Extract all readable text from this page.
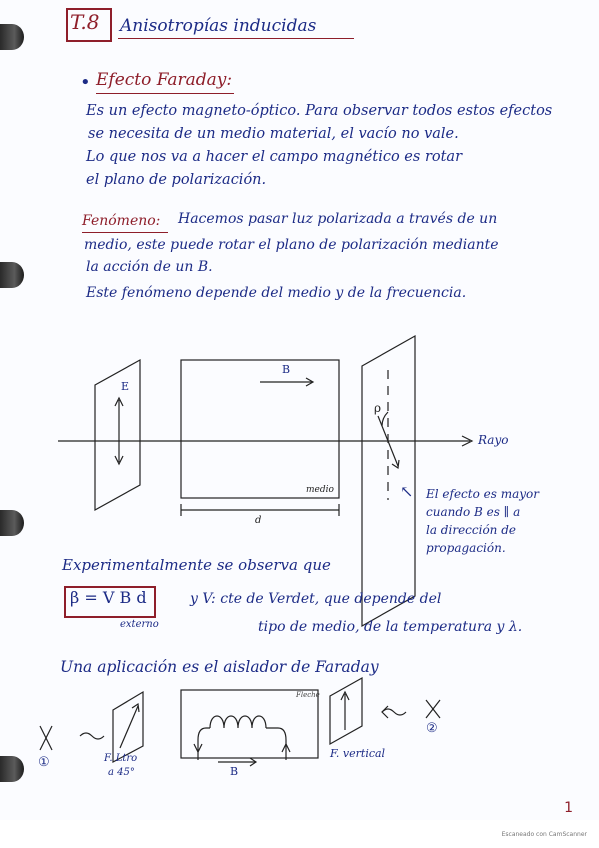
T.8 Anisotropías inducidas
• Efecto Faraday:
Es un efecto magneto-óptico. Para observar todos estos efectos
se necesita de un medio material, el vacío no vale.
Lo que nos va a hacer el campo magnético es rotar
el plano de polarización.
Fenómeno: Hacemos pasar luz polarizada a través de un
medio, este puede rotar el plano de polarización mediante
la acción de un B.
Este fenómeno depende del medio y de la frecuencia.
E
B
ρ
medio
Rayo
d
↖ El efecto es mayor
cuando B es ∥ a
la dirección de
propagación.
Experimentalmente se observa que
β = V B d
externo
y V: cte de Verdet, que depende del
tipo de medio, de la temperatura y λ.
Una aplicación es el aislador de Faraday
F. Ltro
a 45°	B
Fleche
F. vertical
①
②
1
Escaneado con CamScanner
